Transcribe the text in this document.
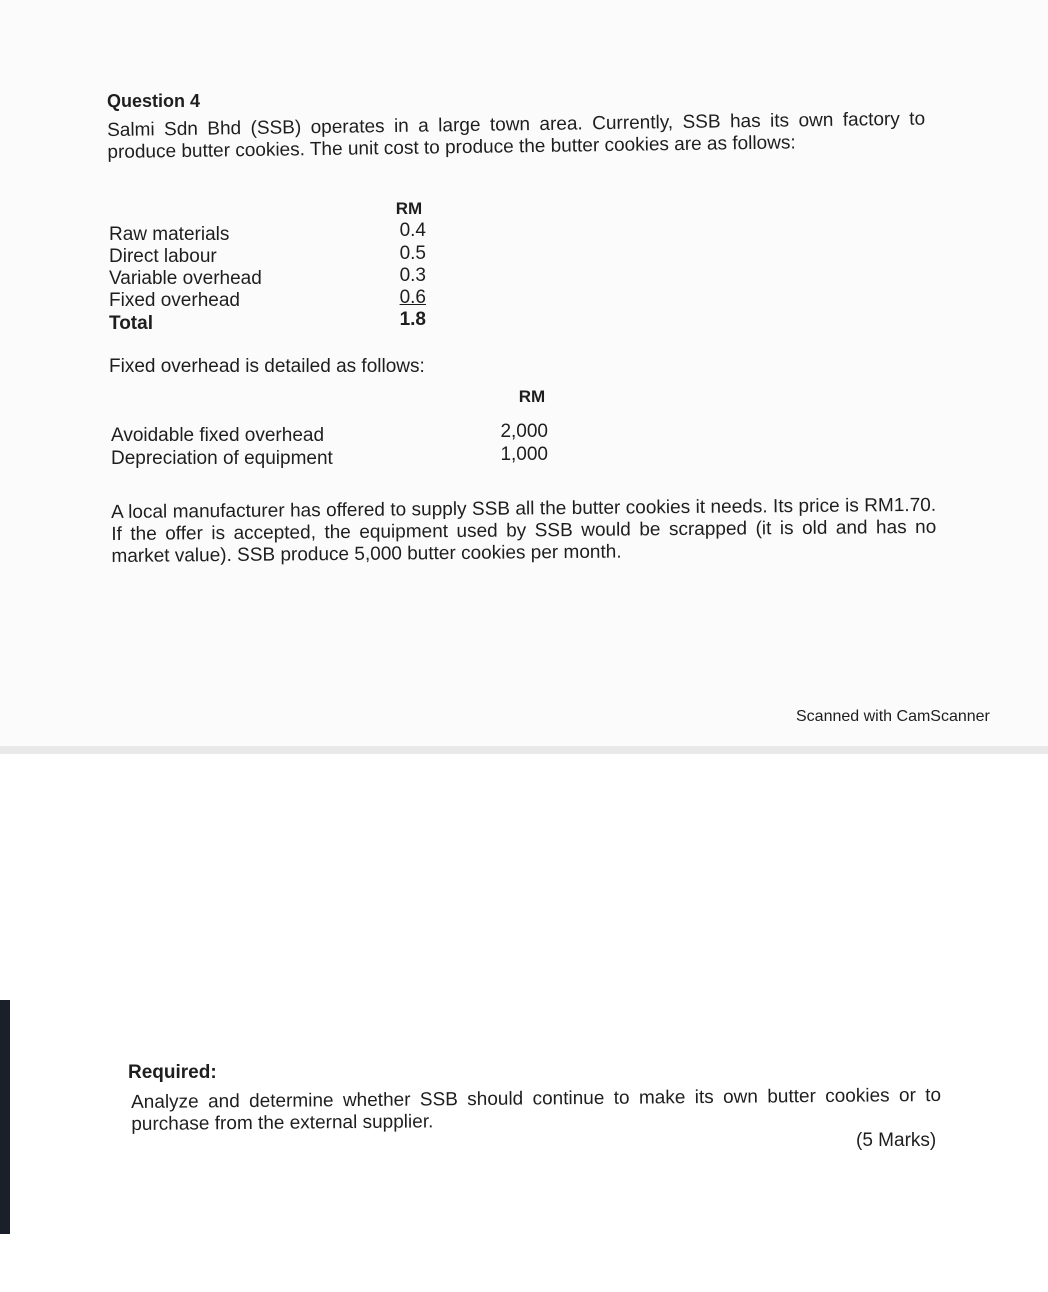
Question 4
Salmi Sdn Bhd (SSB) operates in a large town area. Currently, SSB has its own factory to produce butter cookies. The unit cost to produce the butter cookies are as follows:
RM
Raw materials	0.4
Direct labour	0.5
Variable overhead	0.3
Fixed overhead	0.6
Total	1.8
Fixed overhead is detailed as follows:
RM
Avoidable fixed overhead	2,000
Depreciation of equipment	1,000
A local manufacturer has offered to supply SSB all the butter cookies it needs. Its price is RM1.70. If the offer is accepted, the equipment used by SSB would be scrapped (it is old and has no market value). SSB produce 5,000 butter cookies per month.
Scanned with CamScanner
Required:
Analyze and determine whether SSB should continue to make its own butter cookies or to purchase from the external supplier.
(5 Marks)
